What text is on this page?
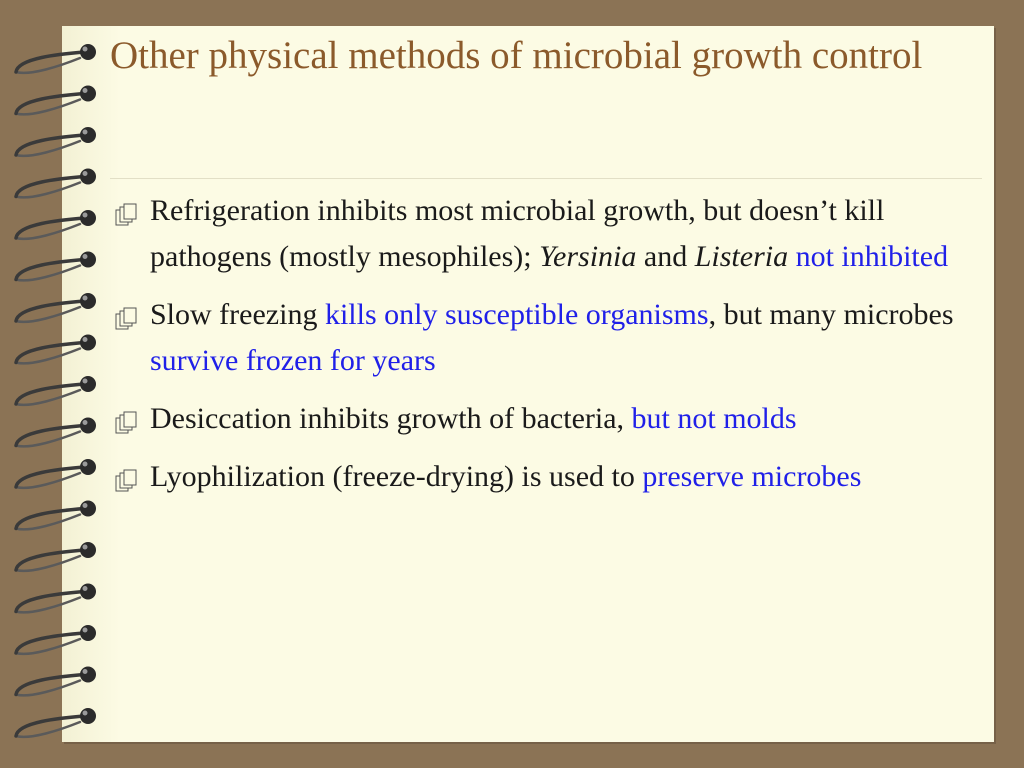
Other physical methods of microbial growth control
Refrigeration inhibits most microbial growth, but doesn’t kill pathogens (mostly mesophiles); Yersinia and Listeria not inhibited
Slow freezing kills only susceptible organisms, but many microbes survive frozen for years
Desiccation inhibits growth of bacteria, but not molds
Lyophilization (freeze-drying) is used to preserve microbes
